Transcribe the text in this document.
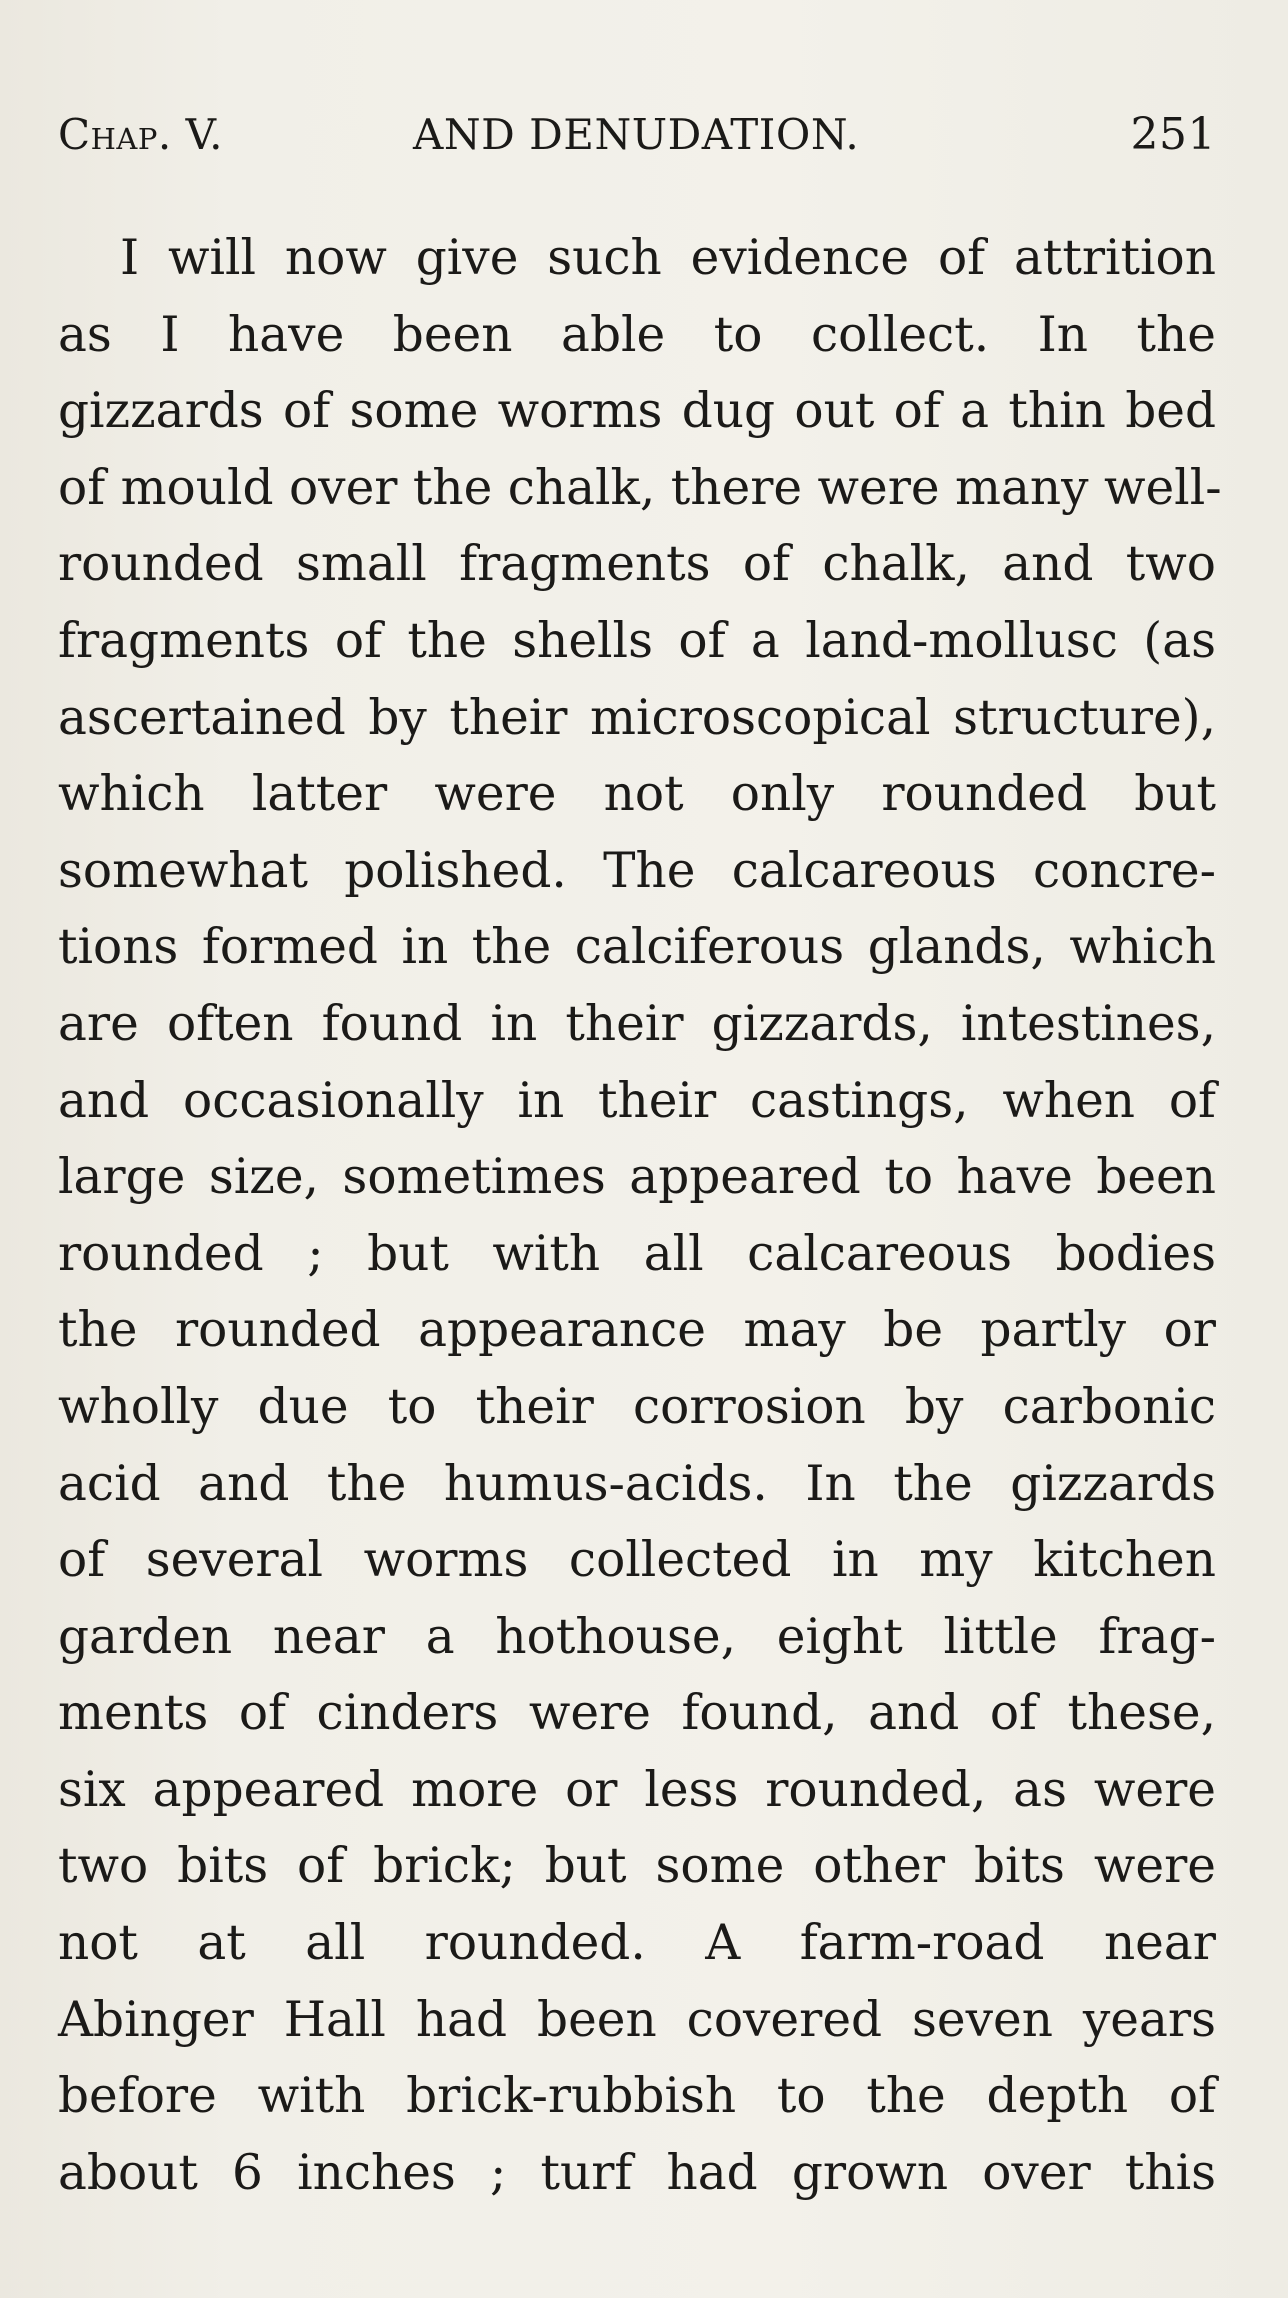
Chap. V.	AND DENUDATION.	251
I will now give such evidence of attrition
as I have been able to collect. In the
gizzards of some worms dug out of a thin bed
of mould over the chalk, there were many well-
rounded small fragments of chalk, and two
fragments of the shells of a land-mollusc (as
ascertained by their microscopical structure),
which latter were not only rounded but
somewhat polished. The calcareous concre-
tions formed in the calciferous glands, which
are often found in their gizzards, intestines,
and occasionally in their castings, when of
large size, sometimes appeared to have been
rounded ; but with all calcareous bodies
the rounded appearance may be partly or
wholly due to their corrosion by carbonic
acid and the humus-acids. In the gizzards
of several worms collected in my kitchen
garden near a hothouse, eight little frag-
ments of cinders were found, and of these,
six appeared more or less rounded, as were
two bits of brick; but some other bits were
not at all rounded. A farm-road near
Abinger Hall had been covered seven years
before with brick-rubbish to the depth of
about 6 inches ; turf had grown over this
